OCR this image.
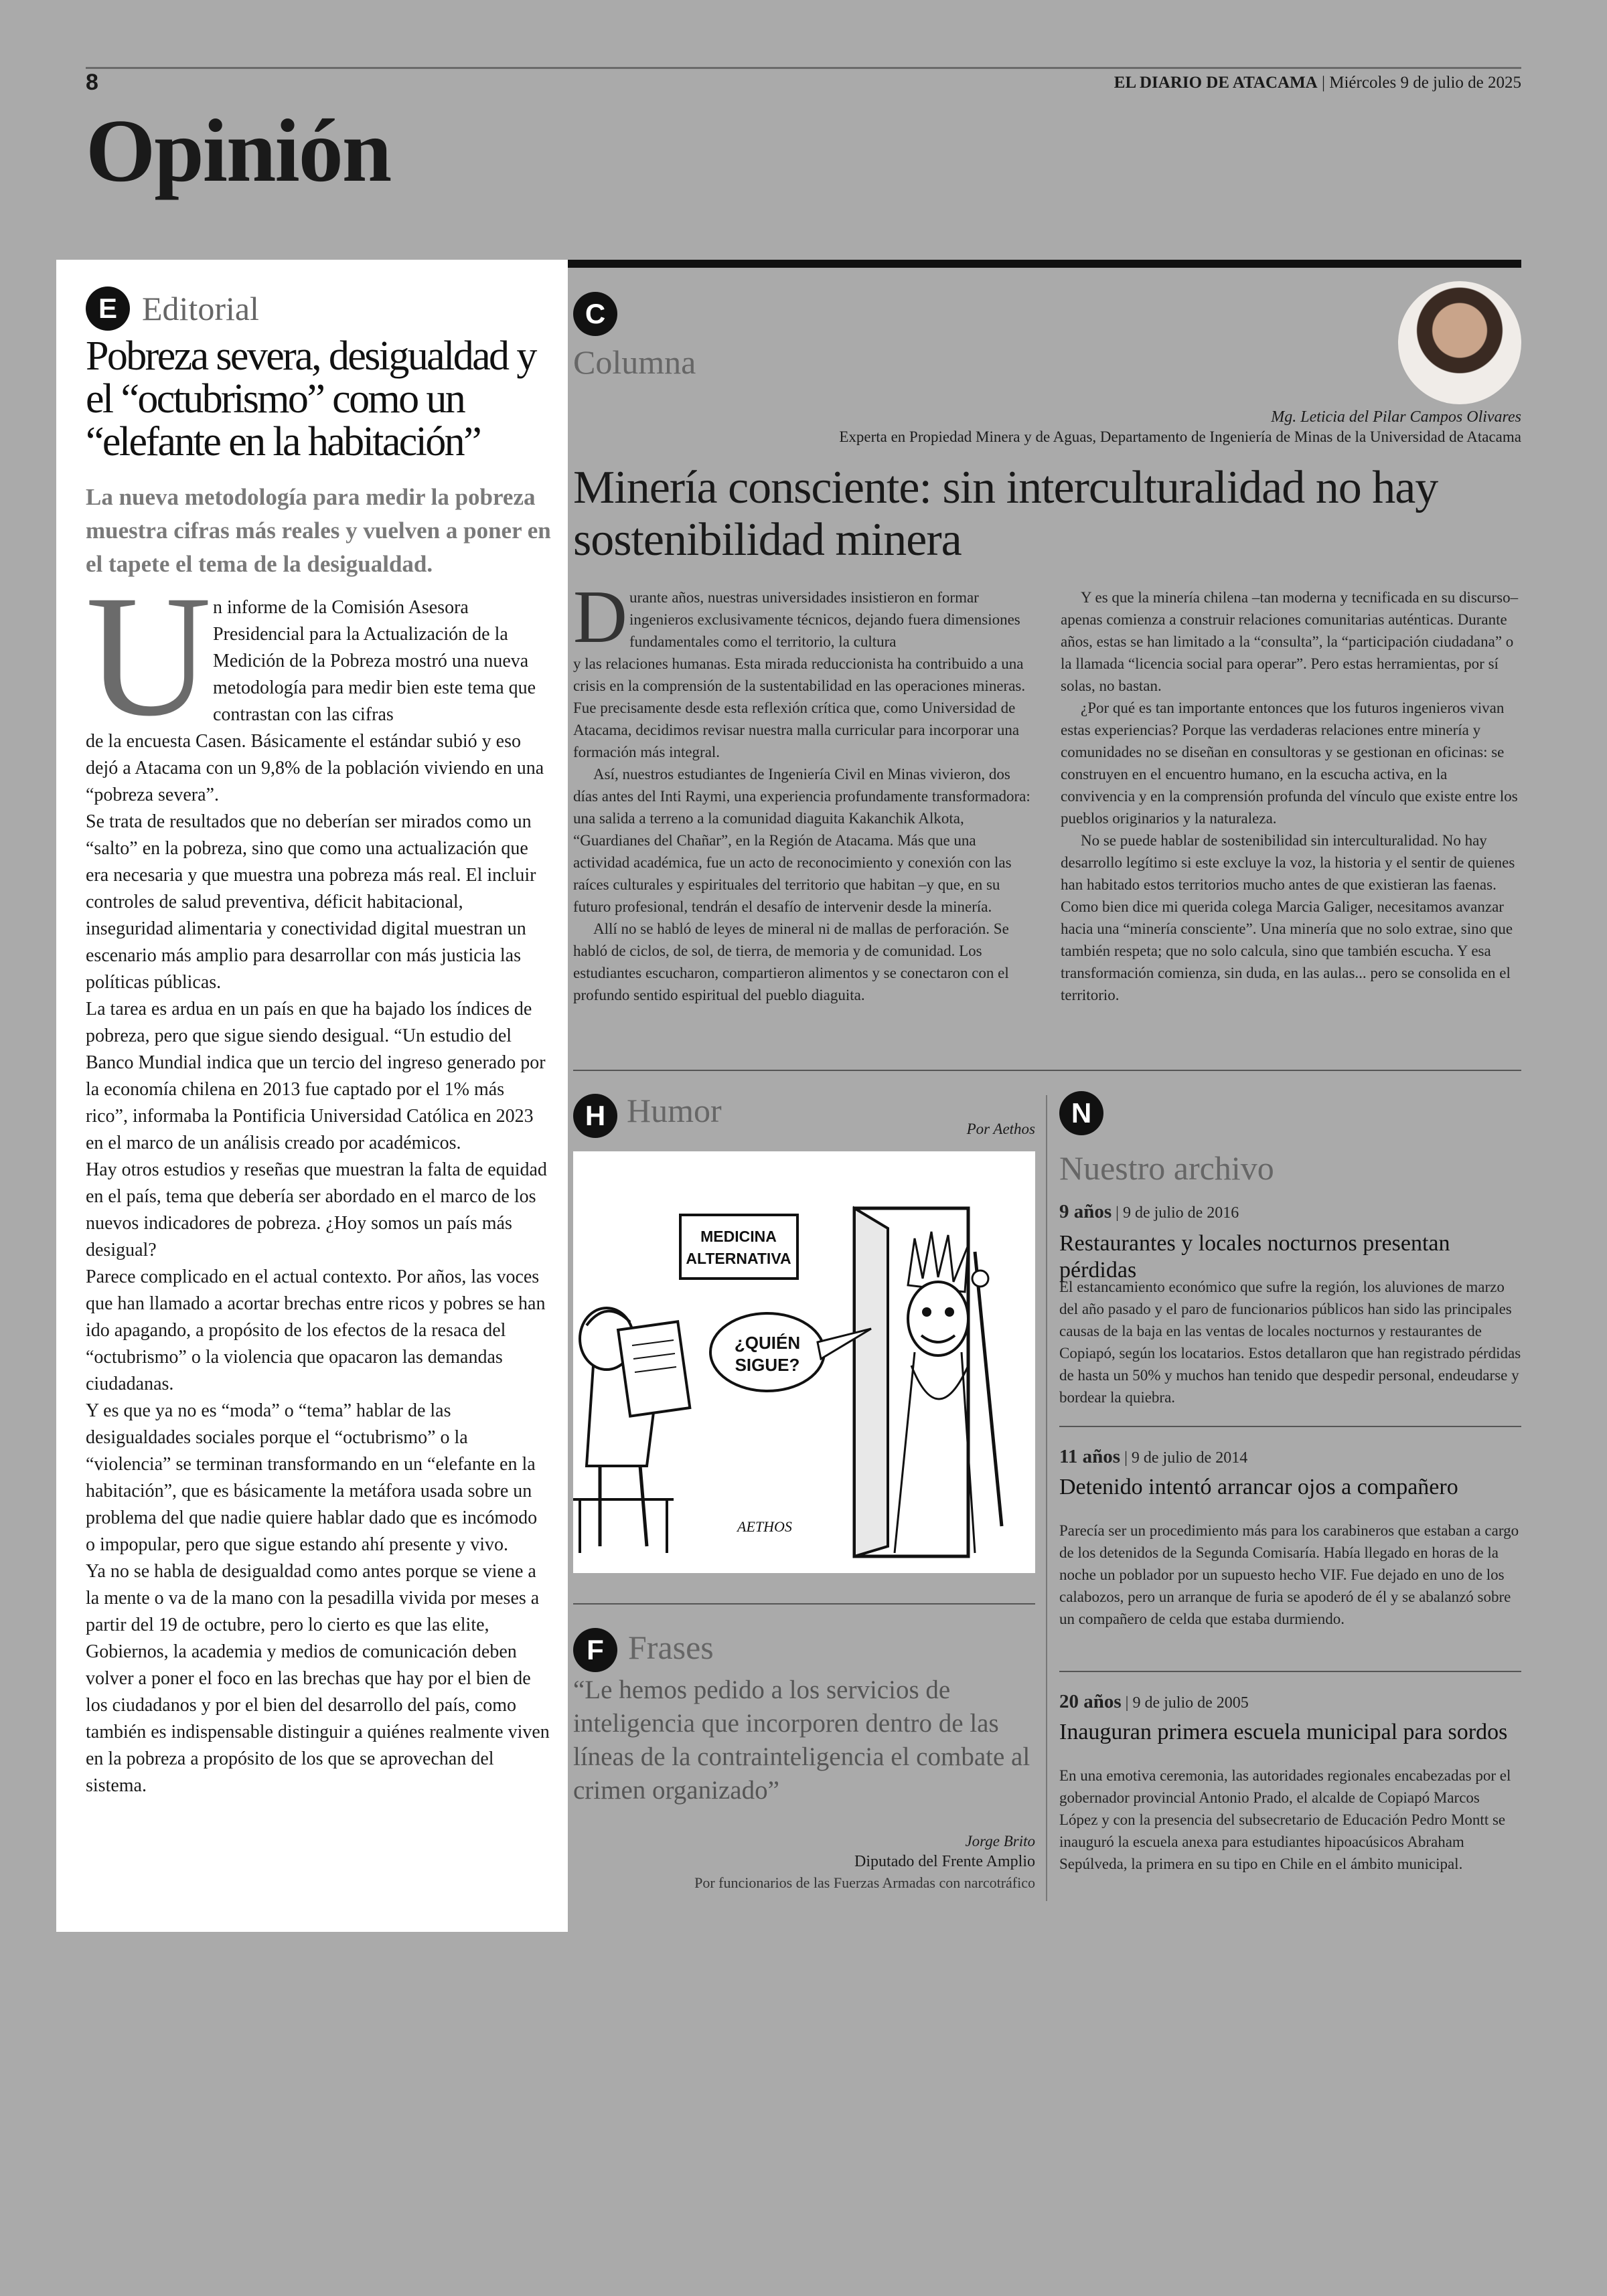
8	EL DIARIO DE ATACAMA | Miércoles 9 de julio de 2025
Opinión
E Editorial
Pobreza severa, desigualdad y el “octubrismo” como un “elefante en la habitación”
La nueva metodología para medir la pobreza muestra cifras más reales y vuelven a poner en el tapete el tema de la desigualdad.
U n informe de la Comisión Asesora Presidencial para la Actualización de la Medición de la Pobreza mostró una nueva metodología para medir bien este tema que contrastan con las cifras

de la encuesta Casen. Básicamente el estándar subió y eso dejó a Atacama con un 9,8% de la población viviendo en una “pobreza severa”.

Se trata de resultados que no deberían ser mirados como un “salto” en la pobreza, sino que como una actualización que era necesaria y que muestra una pobreza más real. El incluir controles de salud preventiva, déficit habitacional, inseguridad alimentaria y conectividad digital muestran un escenario más amplio para desarrollar con más justicia las políticas públicas.

La tarea es ardua en un país en que ha bajado los índices de pobreza, pero que sigue siendo desigual. “Un estudio del Banco Mundial indica que un tercio del ingreso generado por la economía chilena en 2013 fue captado por el 1% más rico”, informaba la Pontificia Universidad Católica en 2023 en el marco de un análisis creado por académicos.

Hay otros estudios y reseñas que muestran la falta de equidad en el país, tema que debería ser abordado en el marco de los nuevos indicadores de pobreza. ¿Hoy somos un país más desigual?

Parece complicado en el actual contexto. Por años, las voces que han llamado a acortar brechas entre ricos y pobres se han ido apagando, a propósito de los efectos de la resaca del “octubrismo” o la violencia que opacaron las demandas ciudadanas.

Y es que ya no es “moda” o “tema” hablar de las desigualdades sociales porque el “octubrismo” o la “violencia” se terminan transformando en un “elefante en la habitación”, que es básicamente la metáfora usada sobre un problema del que nadie quiere hablar dado que es incómodo o impopular, pero que sigue estando ahí presente y vivo.

Ya no se habla de desigualdad como antes porque se viene a la mente o va de la mano con la pesadilla vivida por meses a partir del 19 de octubre, pero lo cierto es que las elite, Gobiernos, la academia y medios de comunicación deben volver a poner el foco en las brechas que hay por el bien de los ciudadanos y por el bien del desarrollo del país, como también es indispensable distinguir a quiénes realmente viven en la pobreza a propósito de los que se aprovechan del sistema.

C
Columna
Mg. Leticia del Pilar Campos Olivares
Experta en Propiedad Minera y de Aguas, Departamento de Ingeniería de Minas de la Universidad de Atacama
Minería consciente: sin interculturalidad no hay sostenibilidad minera
D urante años, nuestras universidades insistieron en formar ingenieros exclusivamente técnicos, dejando fuera dimensiones fundamentales como el territorio, la cultura

y las relaciones humanas. Esta mirada reduccionista ha contribuido a una crisis en la comprensión de la sustentabilidad en las operaciones mineras. Fue precisamente desde esta reflexión crítica que, como Universidad de Atacama, decidimos revisar nuestra malla curricular para incorporar una formación más integral.

Así, nuestros estudiantes de Ingeniería Civil en Minas vivieron, dos días antes del Inti Raymi, una experiencia profundamente transformadora: una salida a terreno a la comunidad diaguita Kakanchik Alkota, “Guardianes del Chañar”, en la Región de Atacama. Más que una actividad académica, fue un acto de reconocimiento y conexión con las raíces culturales y espirituales del territorio que habitan –y que, en su futuro profesional, tendrán el desafío de intervenir desde la minería.

Allí no se habló de leyes de mineral ni de mallas de perforación. Se habló de ciclos, de sol, de tierra, de memoria y de comunidad. Los estudiantes escucharon, compartieron alimentos y se conectaron con el profundo sentido espiritual del pueblo diaguita.

Y es que la minería chilena –tan moderna y tecnificada en su discurso– apenas comienza a construir relaciones comunitarias auténticas. Durante años, estas se han limitado a la “consulta”, la “participación ciudadana” o la llamada “licencia social para operar”. Pero estas herramientas, por sí solas, no bastan.

¿Por qué es tan importante entonces que los futuros ingenieros vivan estas experiencias? Porque las verdaderas relaciones entre minería y comunidades no se diseñan en consultoras y se gestionan en oficinas: se construyen en el encuentro humano, en la escucha activa, en la convivencia y en la comprensión profunda del vínculo que existe entre los pueblos originarios y la naturaleza.

No se puede hablar de sostenibilidad sin interculturalidad. No hay desarrollo legítimo si este excluye la voz, la historia y el sentir de quienes han habitado estos territorios mucho antes de que existieran las faenas. Como bien dice mi querida colega Marcia Galiger, necesitamos avanzar hacia una “minería consciente”. Una minería que no solo extrae, sino que también respeta; que no solo calcula, sino que también escucha. Y esa transformación comienza, sin duda, en las aulas... pero se consolida en el territorio.

H Humor	Por Aethos
MEDICINA
ALTERNATIVA
¿QUIÉN
SIGUE?
AETHOS
F Frases
“Le hemos pedido a los servicios de inteligencia que incorporen dentro de las líneas de la contrainteligencia el combate al crimen organizado”
Jorge Brito
Diputado del Frente Amplio
Por funcionarios de las Fuerzas Armadas con narcotráfico
N
Nuestro archivo
9 años | 9 de julio de 2016
Restaurantes y locales nocturnos presentan pérdidas
El estancamiento económico que sufre la región, los aluviones de marzo del año pasado y el paro de funcionarios públicos han sido las principales causas de la baja en las ventas de locales nocturnos y restaurantes de Copiapó, según los locatarios. Estos detallaron que han registrado pérdidas de hasta un 50% y muchos han tenido que despedir personal, endeudarse y bordear la quiebra.
11 años | 9 de julio de 2014
Detenido intentó arrancar ojos a compañero
Parecía ser un procedimiento más para los carabineros que estaban a cargo de los detenidos de la Segunda Comisaría. Había llegado en horas de la noche un poblador por un supuesto hecho VIF. Fue dejado en uno de los calabozos, pero un arranque de furia se apoderó de él y se abalanzó sobre un compañero de celda que estaba durmiendo.
20 años | 9 de julio de 2005
Inauguran primera escuela municipal para sordos
En una emotiva ceremonia, las autoridades regionales encabezadas por el gobernador provincial Antonio Prado, el alcalde de Copiapó Marcos López y con la presencia del subsecretario de Educación Pedro Montt se inauguró la escuela anexa para estudiantes hipoacúsicos Abraham Sepúlveda, la primera en su tipo en Chile en el ámbito municipal.
